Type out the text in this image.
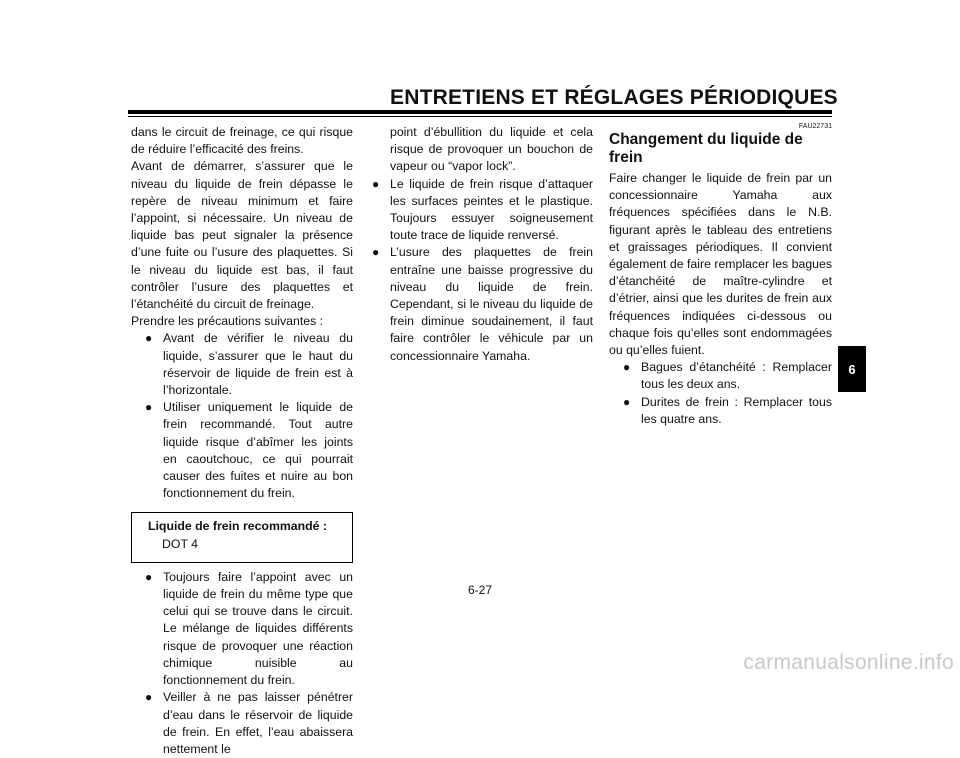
ENTRETIENS ET RÉGLAGES PÉRIODIQUES

dans le circuit de freinage, ce qui risque de réduire l’efficacité des freins.

Avant de démarrer, s’assurer que le niveau du liquide de frein dépasse le repère de niveau minimum et faire l’appoint, si nécessaire. Un niveau de liquide bas peut signaler la présence d’une fuite ou l’usure des plaquettes. Si le niveau du liquide est bas, il faut contrôler l’usure des plaquettes et l’étanchéité du circuit de freinage.

Prendre les précautions suivantes :

● Avant de vérifier le niveau du liquide, s’assurer que le haut du réservoir de liquide de frein est à l’horizontale.
● Utiliser uniquement le liquide de frein recommandé. Tout autre liquide risque d’abîmer les joints en caoutchouc, ce qui pourrait causer des fuites et nuire au bon fonctionnement du frein.
Liquide de frein recommandé :
DOT 4
● Toujours faire l’appoint avec un liquide de frein du même type que celui qui se trouve dans le circuit. Le mélange de liquides différents risque de provoquer une réaction chimique nuisible au fonctionnement du frein.
● Veiller à ne pas laisser pénétrer d’eau dans le réservoir de liquide de frein. En effet, l’eau abaissera nettement le

point d’ébullition du liquide et cela risque de provoquer un bouchon de vapeur ou “vapor lock”.

● Le liquide de frein risque d’attaquer les surfaces peintes et le plastique. Toujours essuyer soigneusement toute trace de liquide renversé.
● L’usure des plaquettes de frein entraîne une baisse progressive du niveau du liquide de frein. Cependant, si le niveau du liquide de frein diminue soudainement, il faut faire contrôler le véhicule par un concessionnaire Yamaha.
FAU22731
Changement du liquide de frein

Faire changer le liquide de frein par un concessionnaire Yamaha aux fréquences spécifiées dans le N.B. figurant après le tableau des entretiens et graissages périodiques. Il convient également de faire remplacer les bagues d’étanchéité de maître-cylindre et d’étrier, ainsi que les durites de frein aux fréquences indiquées ci-dessous ou chaque fois qu’elles sont endommagées ou qu’elles fuient.

● Bagues d’étanchéité : Remplacer tous les deux ans.
● Durites de frein : Remplacer tous les quatre ans.
6-27
6
carmanualsonline.info
